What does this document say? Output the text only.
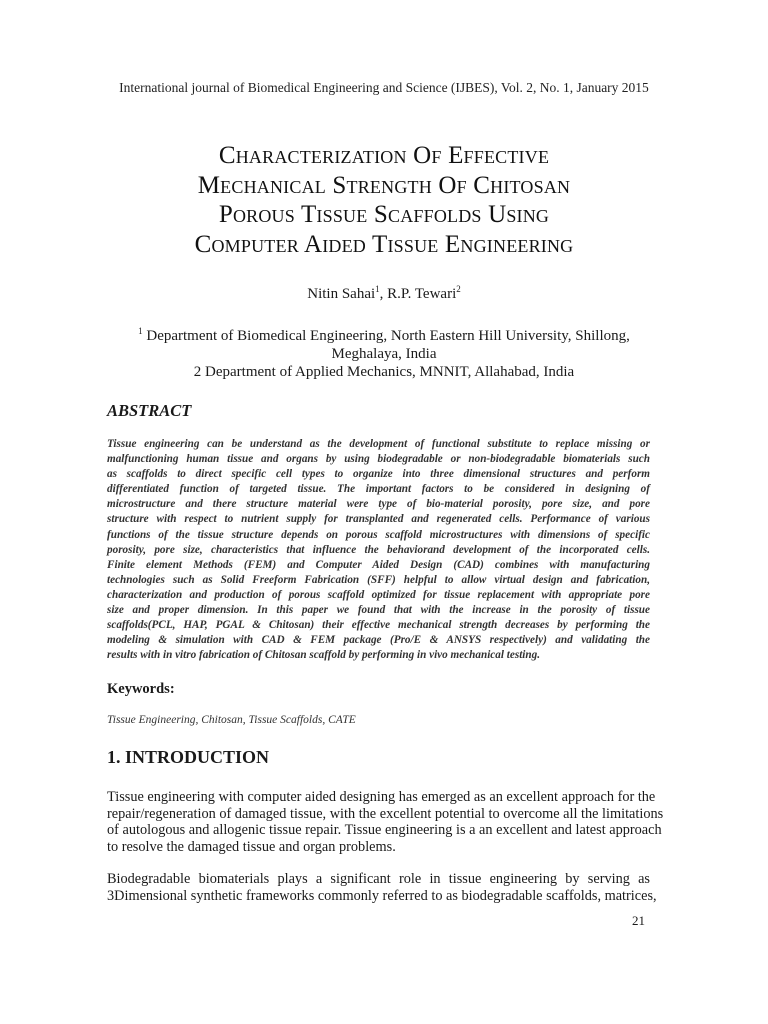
International journal of Biomedical Engineering and Science (IJBES), Vol. 2, No. 1, January 2015
Characterization Of Effective
Mechanical Strength Of Chitosan
Porous Tissue Scaffolds Using
Computer Aided Tissue Engineering
Nitin Sahai$^1$, R.P. Tewari$^2$
$^1$ Department of Biomedical Engineering, North Eastern Hill University, Shillong,
Meghalaya, India
2 Department of Applied Mechanics, MNNIT, Allahabad, India
ABSTRACT
Tissue engineering can be understand as the development of functional substitute to replace missing or
malfunctioning human tissue and organs by using biodegradable or non-biodegradable biomaterials such
as scaffolds to direct specific cell types to organize into three dimensional structures and perform
differentiated function of targeted tissue. The important factors to be considered in designing of
microstructure and there structure material were type of bio-material porosity, pore size, and pore
structure with respect to nutrient supply for transplanted and regenerated cells. Performance of various
functions of the tissue structure depends on porous scaffold microstructures with dimensions of specific
porosity, pore size, characteristics that influence the behaviorand development of the incorporated cells.
Finite element Methods (FEM) and Computer Aided Design (CAD) combines with manufacturing
technologies such as Solid Freeform Fabrication (SFF) helpful to allow virtual design and fabrication,
characterization and production of porous scaffold optimized for tissue replacement with appropriate pore
size and proper dimension. In this paper we found that with the increase in the porosity of tissue
scaffolds(PCL, HAP, PGAL & Chitosan) their effective mechanical strength decreases by performing the
modeling & simulation with CAD & FEM package (Pro/E & ANSYS respectively) and validating the
results with in vitro fabrication of Chitosan scaffold by performing in vivo mechanical testing.
Keywords:
Tissue Engineering, Chitosan, Tissue Scaffolds, CATE
1. INTRODUCTION
Tissue engineering with computer aided designing has emerged as an excellent approach for the
repair/regeneration of damaged tissue, with the excellent potential to overcome all the limitations
of autologous and allogenic tissue repair. Tissue engineering is a an excellent and latest approach
to resolve the damaged tissue and organ problems.
Biodegradable biomaterials plays a significant role in tissue engineering by serving as
3Dimensional synthetic frameworks commonly referred to as biodegradable scaffolds, matrices,
21
